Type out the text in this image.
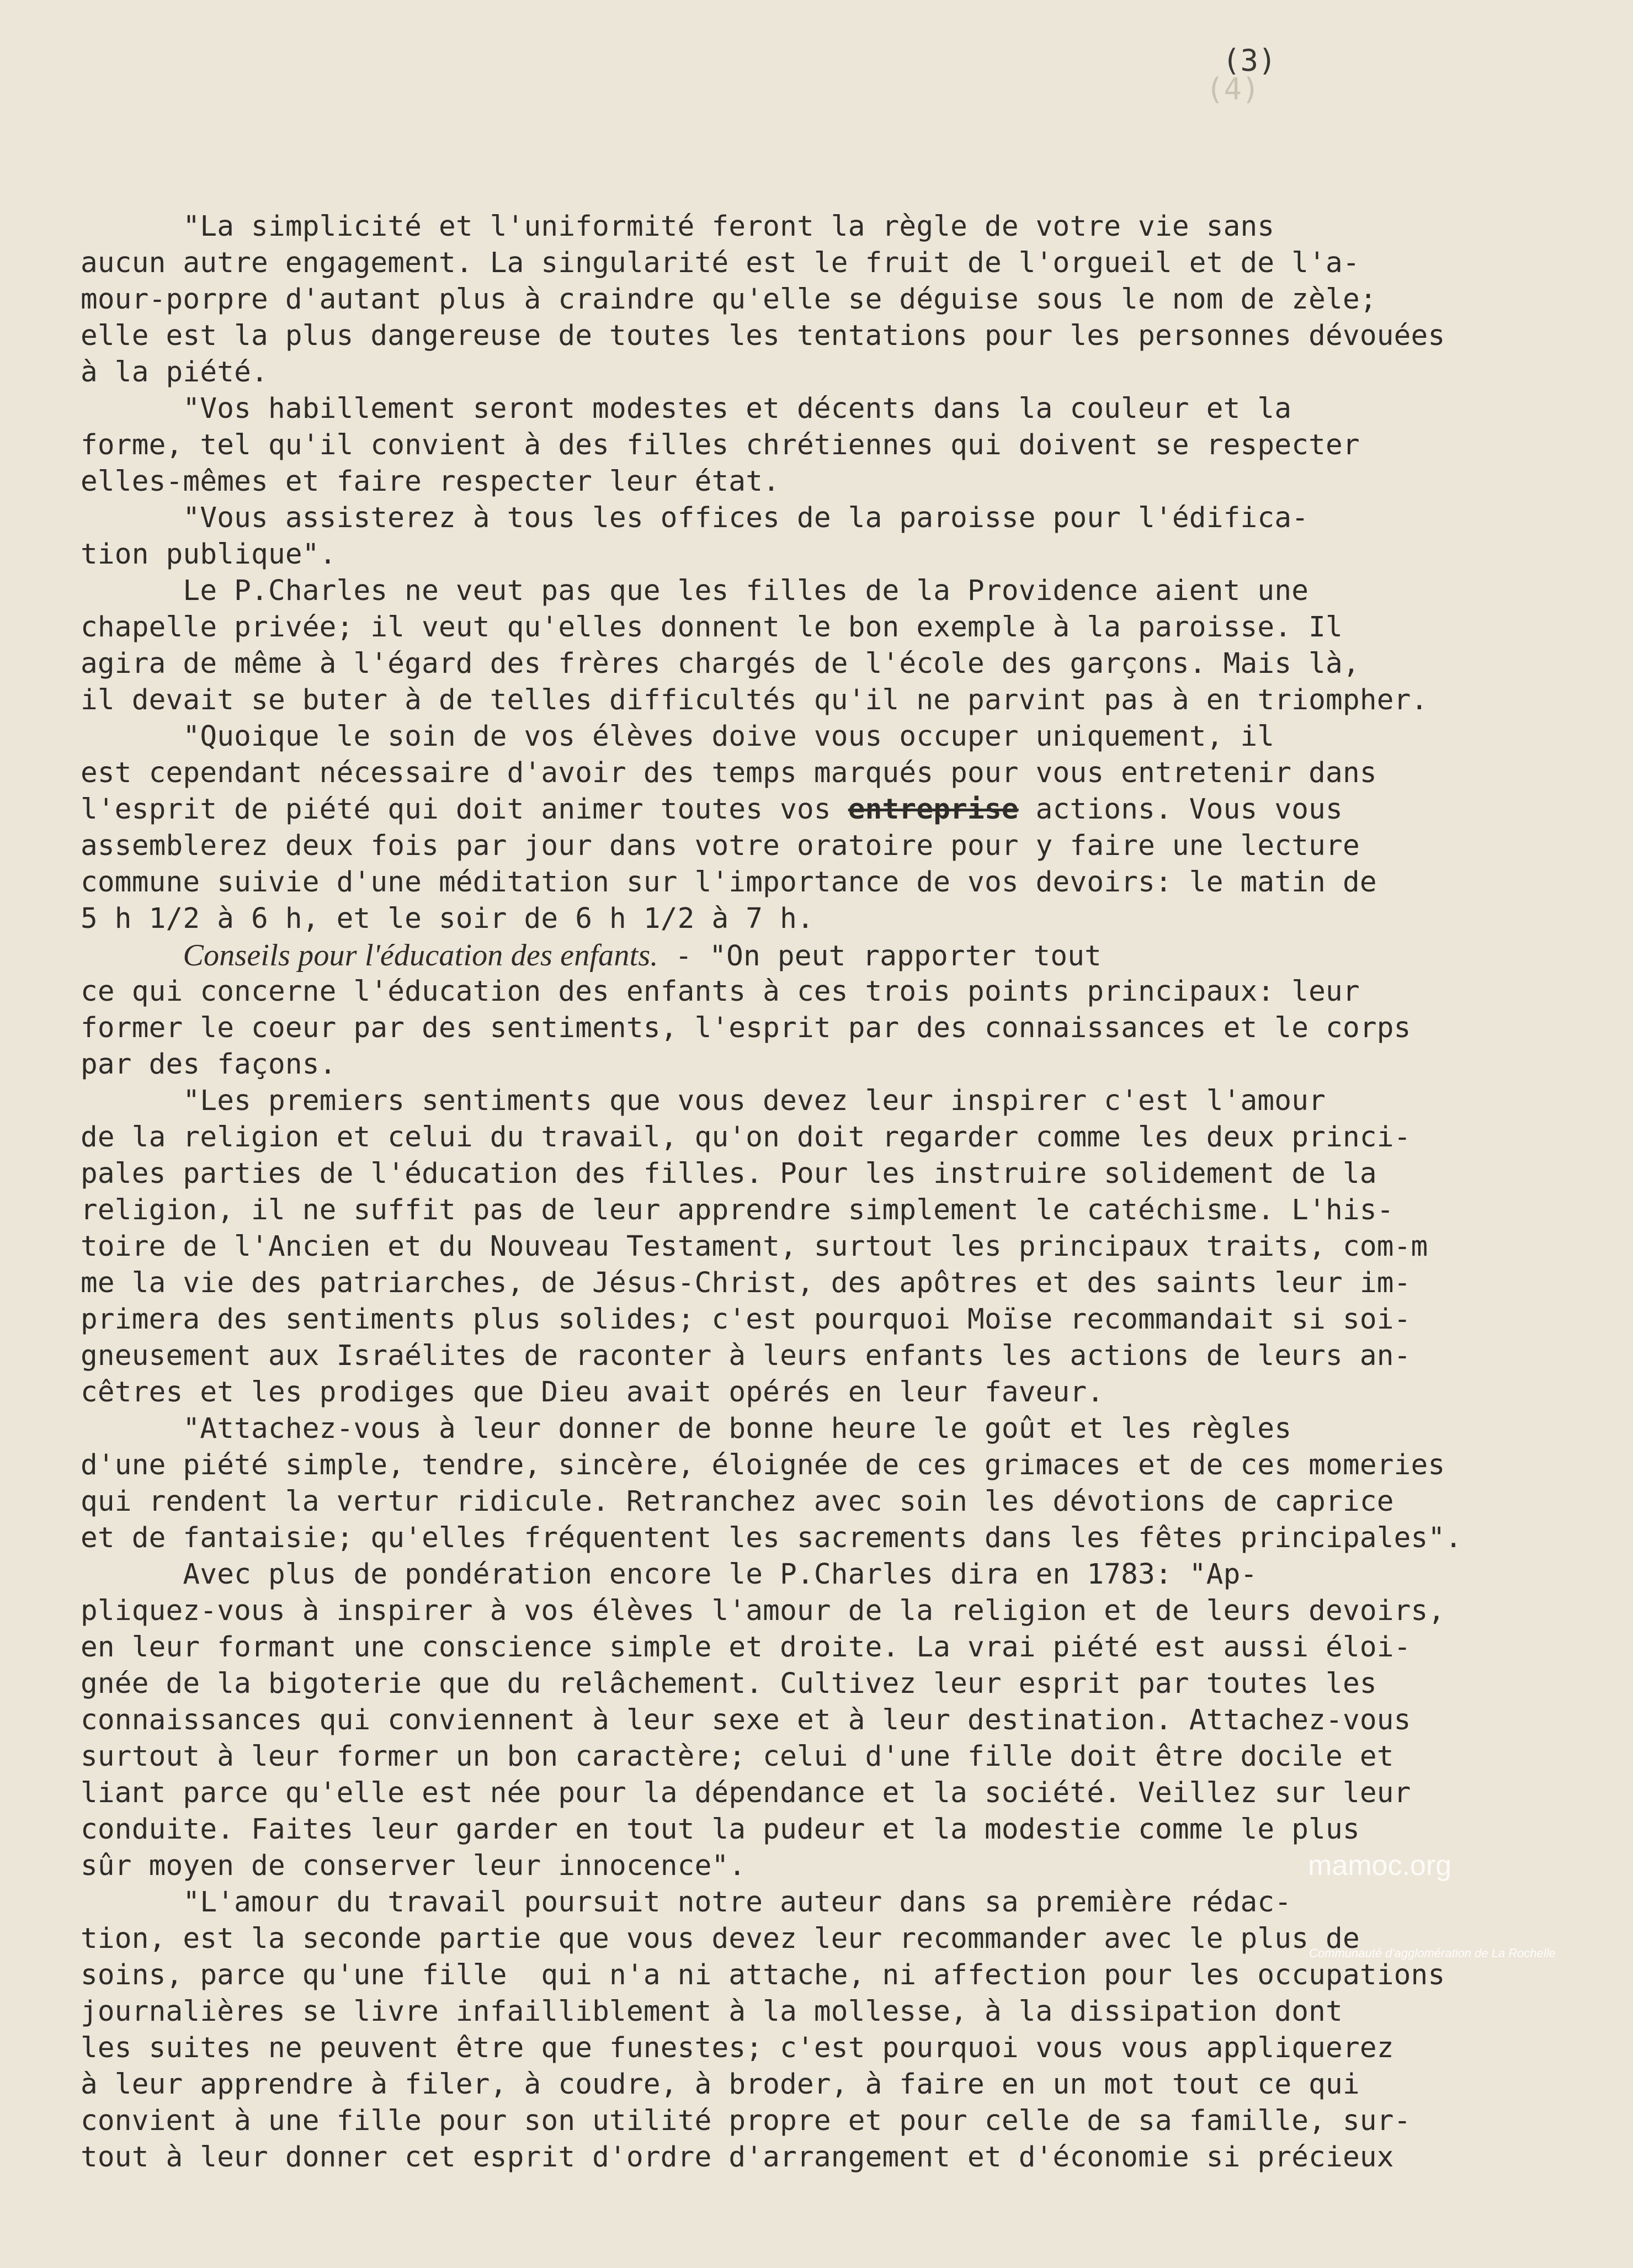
(3)
(4)
"La simplicité et l'uniformité feront la règle de votre vie sans
aucun autre engagement. La singularité est le fruit de l'orgueil et de l'a-
mour-porpre d'autant plus à craindre qu'elle se déguise sous le nom de zèle;
elle est la plus dangereuse de toutes les tentations pour les personnes dévouées
à la piété.
"Vos habillement seront modestes et décents dans la couleur et la
forme, tel qu'il convient à des filles chrétiennes qui doivent se respecter
elles-mêmes et faire respecter leur état.
"Vous assisterez à tous les offices de la paroisse pour l'édifica-
tion publique".
Le P.Charles ne veut pas que les filles de la Providence aient une
chapelle privée; il veut qu'elles donnent le bon exemple à la paroisse. Il
agira de même à l'égard des frères chargés de l'école des garçons. Mais là,
il devait se buter à de telles difficultés qu'il ne parvint pas à en triompher.
"Quoique le soin de vos élèves doive vous occuper uniquement, il
est cependant nécessaire d'avoir des temps marqués pour vous entretenir dans
l'esprit de piété qui doit animer toutes vos entreprise actions. Vous vous
assemblerez deux fois par jour dans votre oratoire pour y faire une lecture
commune suivie d'une méditation sur l'importance de vos devoirs: le matin de
5 h 1/2 à 6 h, et le soir de 6 h 1/2 à 7 h.
Conseils pour l'éducation des enfants. - "On peut rapporter tout
ce qui concerne l'éducation des enfants à ces trois points principaux: leur
former le coeur par des sentiments, l'esprit par des connaissances et le corps
par des façons.
"Les premiers sentiments que vous devez leur inspirer c'est l'amour
de la religion et celui du travail, qu'on doit regarder comme les deux princi-
pales parties de l'éducation des filles. Pour les instruire solidement de la
religion, il ne suffit pas de leur apprendre simplement le catéchisme. L'his-
toire de l'Ancien et du Nouveau Testament, surtout les principaux traits, com-m
me la vie des patriarches, de Jésus-Christ, des apôtres et des saints leur im-
primera des sentiments plus solides; c'est pourquoi Moïse recommandait si soi-
gneusement aux Israélites de raconter à leurs enfants les actions de leurs an-
cêtres et les prodiges que Dieu avait opérés en leur faveur.
"Attachez-vous à leur donner de bonne heure le goût et les règles
d'une piété simple, tendre, sincère, éloignée de ces grimaces et de ces momeries
qui rendent la vertur ridicule. Retranchez avec soin les dévotions de caprice
et de fantaisie; qu'elles fréquentent les sacrements dans les fêtes principales".
Avec plus de pondération encore le P.Charles dira en 1783: "Ap-
pliquez-vous à inspirer à vos élèves l'amour de la religion et de leurs devoirs,
en leur formant une conscience simple et droite. La vrai piété est aussi éloi-
gnée de la bigoterie que du relâchement. Cultivez leur esprit par toutes les
connaissances qui conviennent à leur sexe et à leur destination. Attachez-vous
surtout à leur former un bon caractère; celui d'une fille doit être docile et
liant parce qu'elle est née pour la dépendance et la société. Veillez sur leur
conduite. Faites leur garder en tout la pudeur et la modestie comme le plus
sûr moyen de conserver leur innocence".
"L'amour du travail poursuit notre auteur dans sa première rédac-
tion, est la seconde partie que vous devez leur recommander avec le plus de
soins, parce qu'une fille  qui n'a ni attache, ni affection pour les occupations
journalières se livre infailliblement à la mollesse, à la dissipation dont
les suites ne peuvent être que funestes; c'est pourquoi vous vous appliquerez
à leur apprendre à filer, à coudre, à broder, à faire en un mot tout ce qui
convient à une fille pour son utilité propre et pour celle de sa famille, sur-
tout à leur donner cet esprit d'ordre d'arrangement et d'économie si précieux
mamoc.org
Communauté d'agglomération de La Rochelle
